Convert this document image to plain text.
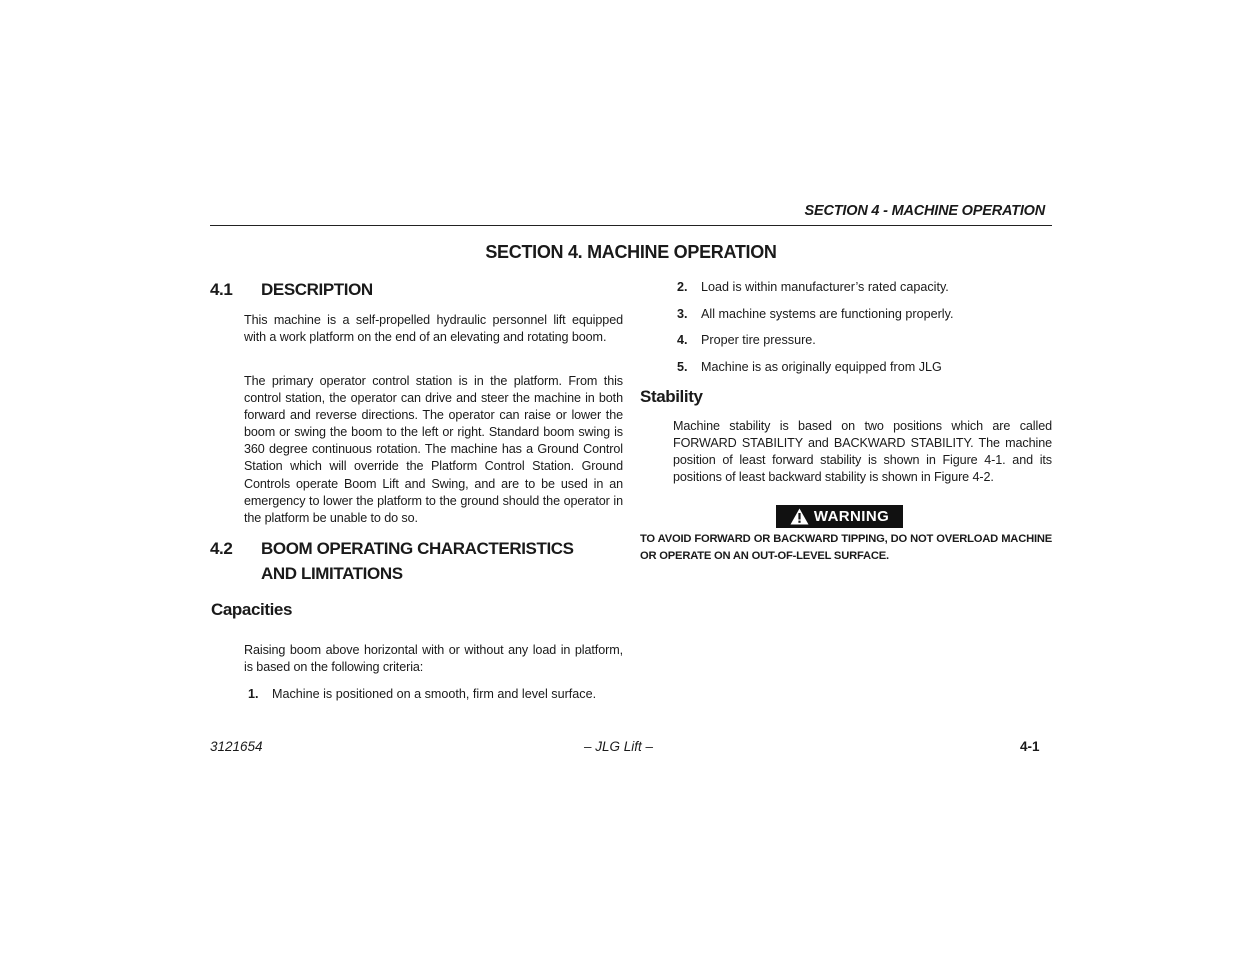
SECTION 4 - MACHINE OPERATION
SECTION 4. MACHINE OPERATION
4.1 DESCRIPTION
This machine is a self-propelled hydraulic personnel lift equipped with a work platform on the end of an elevating and rotating boom.
The primary operator control station is in the platform. From this control station, the operator can drive and steer the machine in both forward and reverse directions. The operator can raise or lower the boom or swing the boom to the left or right. Standard boom swing is 360 degree continuous rotation. The machine has a Ground Control Station which will override the Platform Control Station. Ground Controls operate Boom Lift and Swing, and are to be used in an emergency to lower the platform to the ground should the operator in the platform be unable to do so.
4.2 BOOM OPERATING CHARACTERISTICS AND LIMITATIONS
Capacities
Raising boom above horizontal with or without any load in platform, is based on the following criteria:
1. Machine is positioned on a smooth, firm and level surface.
2. Load is within manufacturer’s rated capacity.
3. All machine systems are functioning properly.
4. Proper tire pressure.
5. Machine is as originally equipped from JLG
Stability
Machine stability is based on two positions which are called FORWARD STABILITY and BACKWARD STABILITY. The machine position of least forward stability is shown in Figure 4-1. and its positions of least backward stability is shown in Figure 4-2.
WARNING
TO AVOID FORWARD OR BACKWARD TIPPING, DO NOT OVERLOAD MACHINE OR OPERATE ON AN OUT-OF-LEVEL SURFACE.
3121654	– JLG Lift –	4-1
